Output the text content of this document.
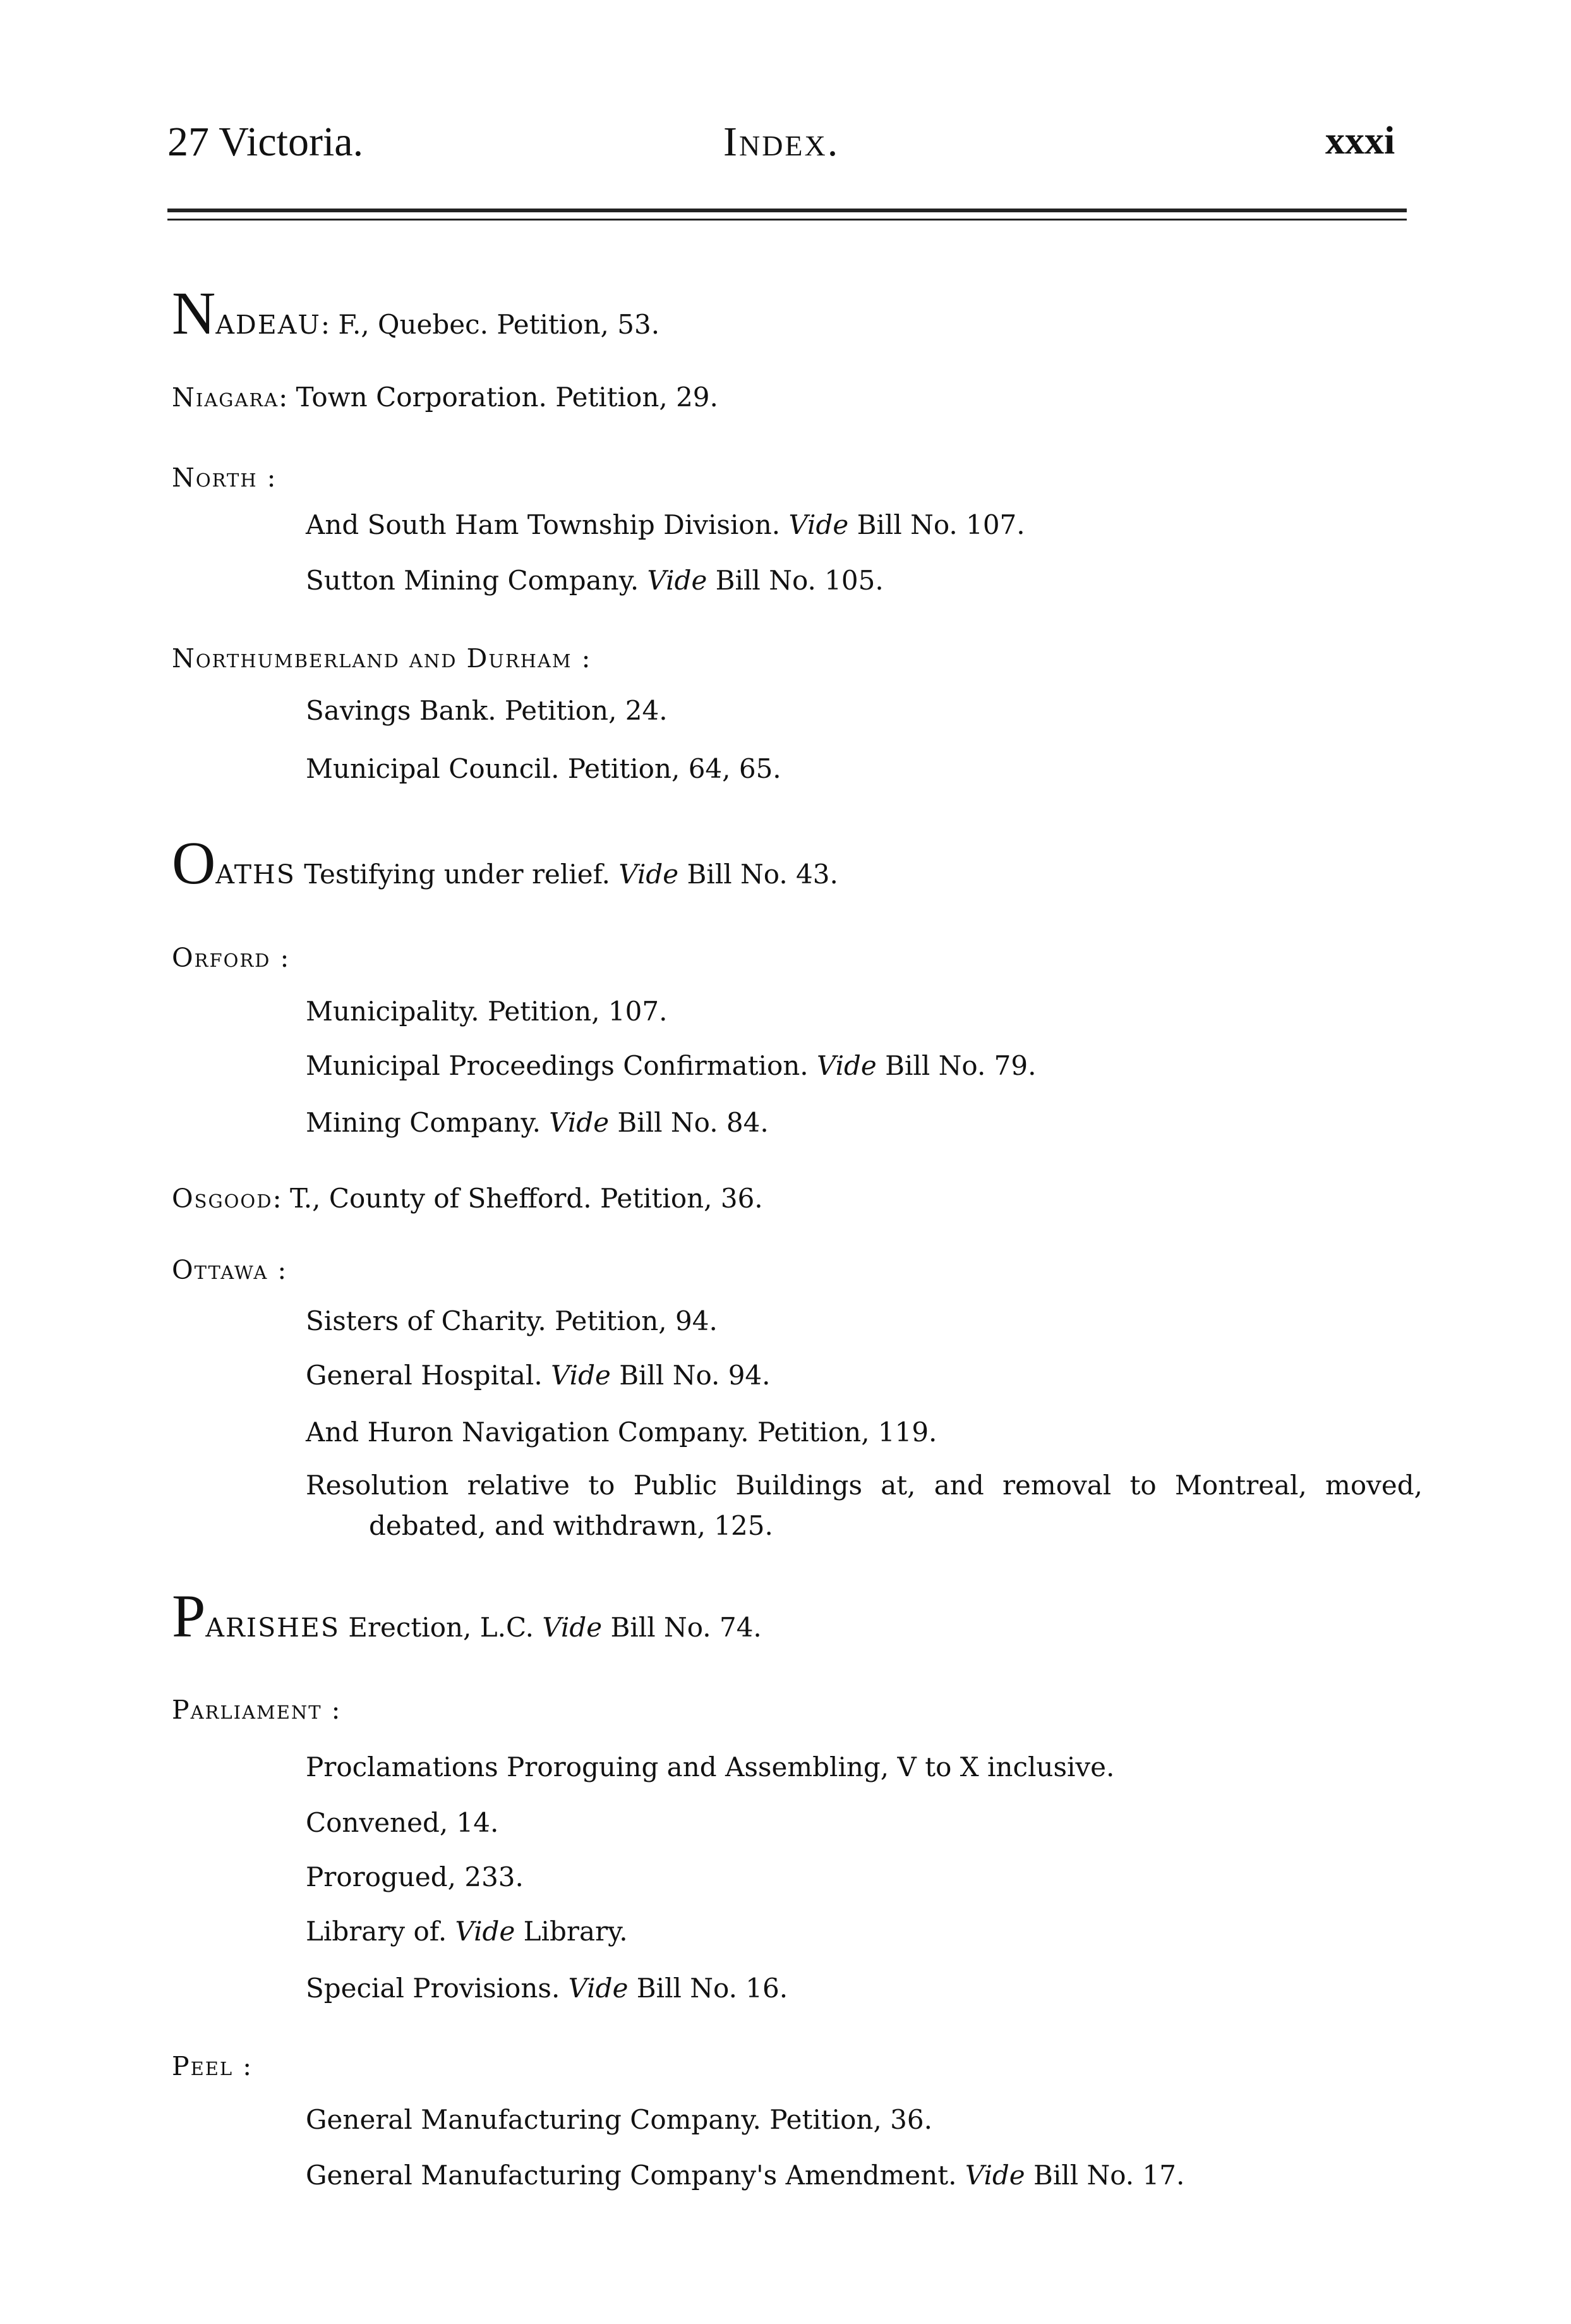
27 Victoria.	Index.	xxxi
NADEAU: F., Quebec. Petition, 53.
Niagara: Town Corporation. Petition, 29.
North :
And South Ham Township Division. Vide Bill No. 107.
Sutton Mining Company. Vide Bill No. 105.
Northumberland and Durham :
Savings Bank. Petition, 24.
Municipal Council. Petition, 64, 65.
OATHS Testifying under relief. Vide Bill No. 43.
Orford :
Municipality. Petition, 107.
Municipal Proceedings Confirmation. Vide Bill No. 79.
Mining Company. Vide Bill No. 84.
Osgood: T., County of Shefford. Petition, 36.
Ottawa :
Sisters of Charity. Petition, 94.
General Hospital. Vide Bill No. 94.
And Huron Navigation Company. Petition, 119.
Resolution relative to Public Buildings at, and removal to Montreal, moved,
debated, and withdrawn, 125.
PARISHES Erection, L.C. Vide Bill No. 74.
Parliament :
Proclamations Proroguing and Assembling, V to X inclusive.
Convened, 14.
Prorogued, 233.
Library of. Vide Library.
Special Provisions. Vide Bill No. 16.
Peel :
General Manufacturing Company. Petition, 36.
General Manufacturing Company's Amendment. Vide Bill No. 17.
